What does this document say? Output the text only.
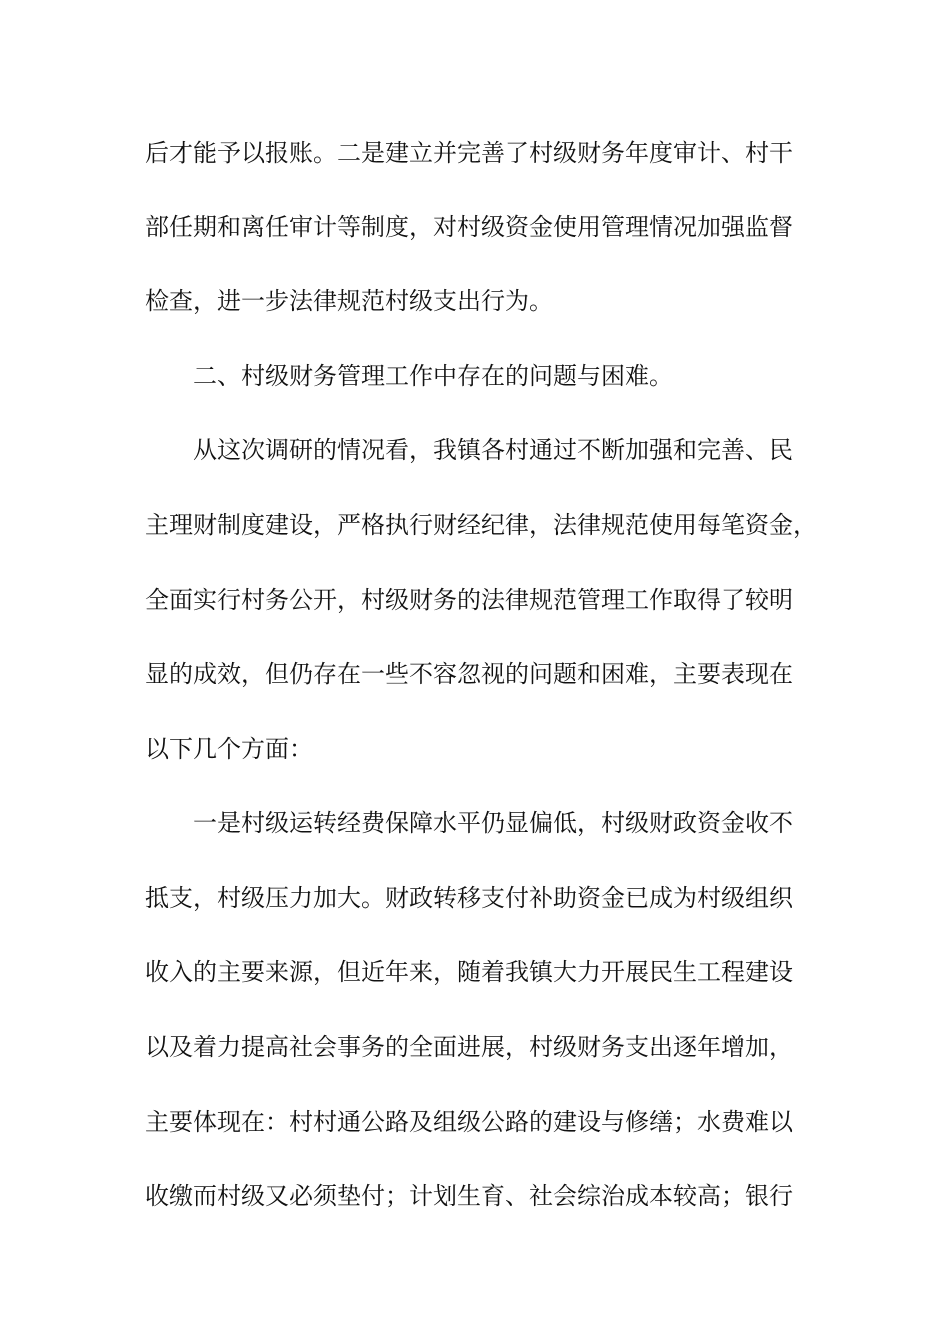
后才能予以报账。二是建立并完善了村级财务年度审计、村干
部任期和离任审计等制度，对村级资金使用管理情况加强监督
检查，进一步法律规范村级支出行为。
二、村级财务管理工作中存在的问题与困难。
从这次调研的情况看，我镇各村通过不断加强和完善、民
主理财制度建设，严格执行财经纪律，法律规范使用每笔资金，
全面实行村务公开，村级财务的法律规范管理工作取得了较明
显的成效，但仍存在一些不容忽视的问题和困难，主要表现在
以下几个方面：
一是村级运转经费保障水平仍显偏低，村级财政资金收不
抵支，村级压力加大。财政转移支付补助资金已成为村级组织
收入的主要来源，但近年来，随着我镇大力开展民生工程建设
以及着力提高社会事务的全面进展，村级财务支出逐年增加，
主要体现在：村村通公路及组级公路的建设与修缮；水费难以
收缴而村级又必须垫付；计划生育、社会综治成本较高；银行
